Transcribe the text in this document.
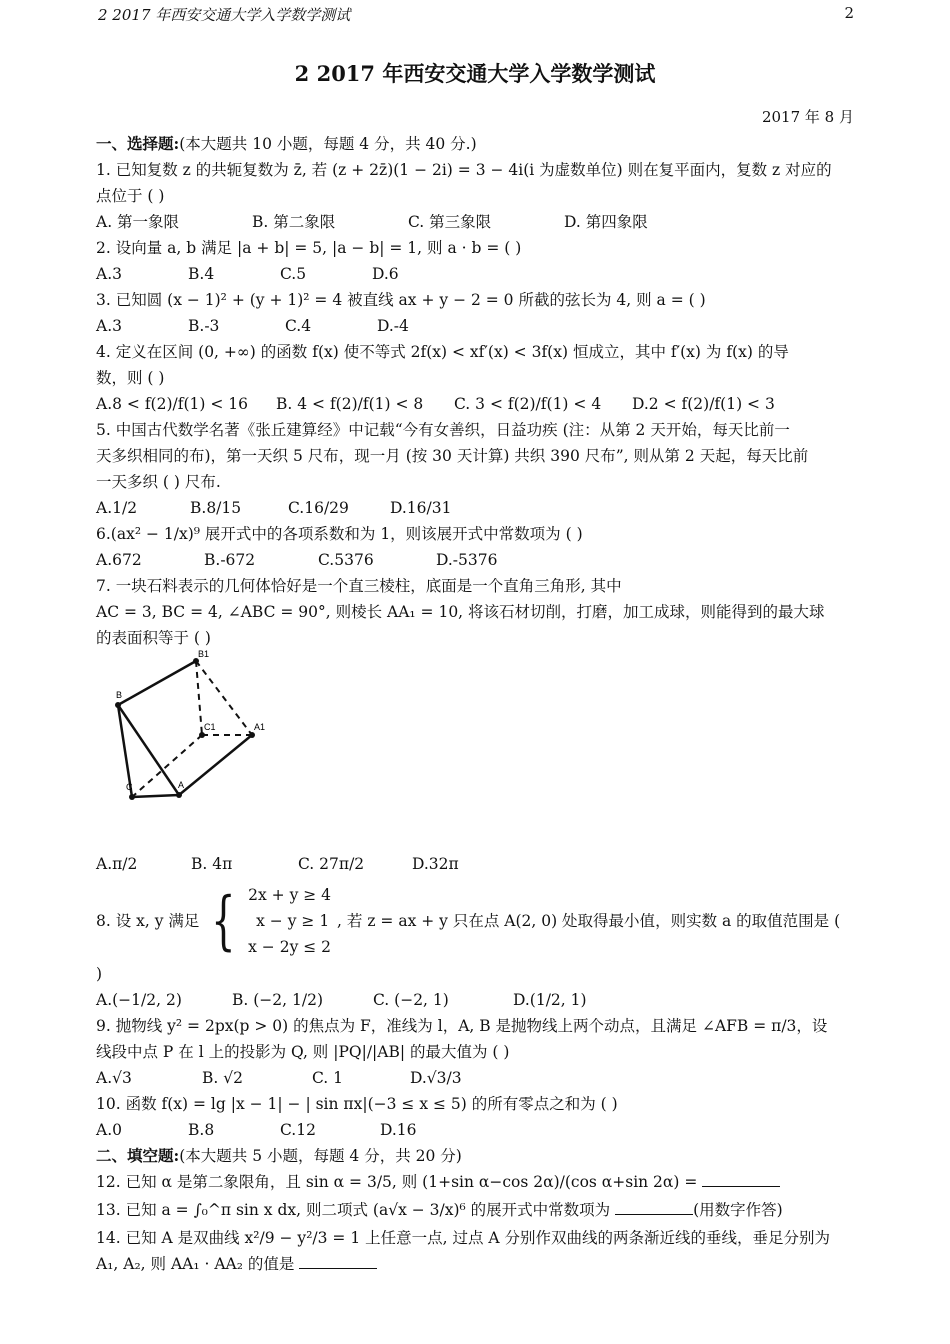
2 2017 年西安交通大学入学数学测试	2
2 2017 年西安交通大学入学数学测试
2017 年 8 月
一、选择题:(本大题共 10 小题，每题 4 分，共 40 分.)
1. 已知复数 z 的共轭复数为 z̄, 若 (z + 2z̄)(1 − 2i) = 3 − 4i(i 为虚数单位) 则在复平面内，复数 z 对应的
点位于 ( )
A. 第一象限	B. 第二象限	C. 第三象限	D. 第四象限
2. 设向量 a, b 满足 |a + b| = 5, |a − b| = 1, 则 a · b = ( )
A.3	B.4	C.5	D.6
3. 已知圆 (x − 1)² + (y + 1)² = 4 被直线 ax + y − 2 = 0 所截的弦长为 4, 则 a = ( )
A.3	B.-3	C.4	D.-4
4. 定义在区间 (0, +∞) 的函数 f(x) 使不等式 2f(x) < xf′(x) < 3f(x) 恒成立，其中 f′(x) 为 f(x) 的导
数，则 ( )
A.8 < f(2)/f(1) < 16	B. 4 < f(2)/f(1) < 8	C. 3 < f(2)/f(1) < 4	D.2 < f(2)/f(1) < 3
5. 中国古代数学名著《张丘建算经》中记载“今有女善织，日益功疾 (注：从第 2 天开始，每天比前一
天多织相同的布)，第一天织 5 尺布，现一月 (按 30 天计算) 共织 390 尺布”, 则从第 2 天起，每天比前
一天多织 ( ) 尺布.
A.1/2	B.8/15	C.16/29	D.16/31
6.(ax² − 1/x)⁹ 展开式中的各项系数和为 1，则该展开式中常数项为 ( )
A.672	B.-672	C.5376	D.-5376
7. 一块石料表示的几何体恰好是一个直三棱柱，底面是一个直角三角形, 其中
AC = 3, BC = 4, ∠ABC = 90°, 则棱长 AA₁ = 10, 将该石材切削，打磨，加工成球，则能得到的最大球
的表面积等于 ( )
B1
B
C1	A1
C	A
A.π/2	B. 4π	C. 27π/2	D.32π
8. 设 x, y 满足 { 2x + y ≥ 4
x − y ≥ 1
x − 2y ≤ 2
, 若 z = ax + y 只在点 A(2, 0) 处取得最小值，则实数 a 的取值范围是 (
)
A.(−1/2, 2)	B. (−2, 1/2)	C. (−2, 1)	D.(1/2, 1)
9. 抛物线 y² = 2px(p > 0) 的焦点为 F，准线为 l，A, B 是抛物线上两个动点，且满足 ∠AFB = π/3，设
线段中点 P 在 l 上的投影为 Q, 则 |PQ|/|AB| 的最大值为 ( )
A.√3	B. √2	C. 1	D.√3/3
10. 函数 f(x) = lg |x − 1| − | sin πx|(−3 ≤ x ≤ 5) 的所有零点之和为 ( )
A.0	B.8	C.12	D.16
二、填空题:(本大题共 5 小题，每题 4 分，共 20 分)
12. 已知 α 是第二象限角，且 sin α = 3/5, 则 (1+sin α−cos 2α)/(cos α+sin 2α) =
13. 已知 a = ∫₀^π sin x dx, 则二项式 (a√x − 3/x)⁶ 的展开式中常数项为	(用数字作答)
14. 已知 A 是双曲线 x²/9 − y²/3 = 1 上任意一点, 过点 A 分别作双曲线的两条渐近线的垂线，垂足分别为
A₁, A₂, 则 AA₁ · AA₂ 的值是
